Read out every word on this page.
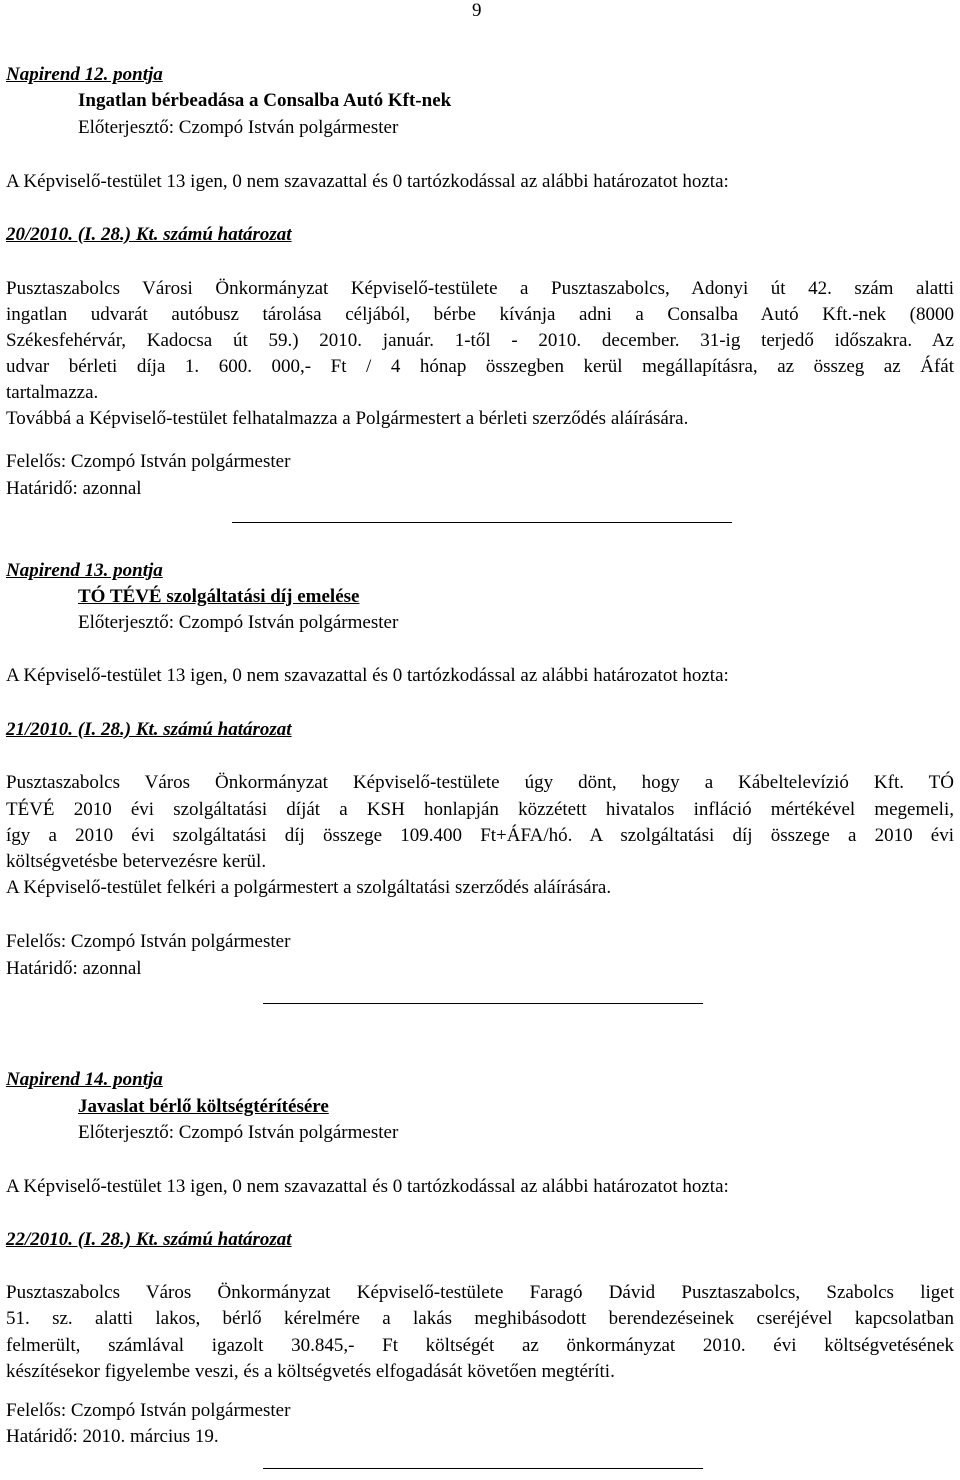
9
Napirend 12. pontja
Ingatlan bérbeadása a Consalba Autó Kft-nek
Előterjesztő: Czompó István polgármester
A Képviselő-testület 13 igen, 0 nem szavazattal és 0 tartózkodással az alábbi határozatot hozta:
20/2010. (I. 28.) Kt. számú határozat
Pusztaszabolcs Városi Önkormányzat Képviselő-testülete a Pusztaszabolcs, Adonyi út 42. szám alatti
ingatlan udvarát autóbusz tárolása céljából, bérbe kívánja adni a Consalba Autó Kft.-nek (8000
Székesfehérvár, Kadocsa út 59.) 2010. január. 1-től - 2010. december. 31-ig terjedő időszakra. Az
udvar bérleti díja 1. 600. 000,- Ft / 4 hónap összegben kerül megállapításra, az összeg az Áfát
tartalmazza.
Továbbá a Képviselő-testület felhatalmazza a Polgármestert a bérleti szerződés aláírására.
Felelős: Czompó István polgármester
Határidő: azonnal
Napirend 13. pontja
TÓ TÉVÉ szolgáltatási díj emelése
Előterjesztő: Czompó István polgármester
A Képviselő-testület 13 igen, 0 nem szavazattal és 0 tartózkodással az alábbi határozatot hozta:
21/2010. (I. 28.) Kt. számú határozat
Pusztaszabolcs Város Önkormányzat Képviselő-testülete úgy dönt, hogy a Kábeltelevízió Kft. TÓ
TÉVÉ 2010 évi szolgáltatási díját a KSH honlapján közzétett hivatalos infláció mértékével megemeli,
így a 2010 évi szolgáltatási díj összege 109.400 Ft+ÁFA/hó. A szolgáltatási díj összege a 2010 évi
költségvetésbe betervezésre kerül.
A Képviselő-testület felkéri a polgármestert a szolgáltatási szerződés aláírására.
Felelős: Czompó István polgármester
Határidő: azonnal
Napirend 14. pontja
Javaslat bérlő költségtérítésére
Előterjesztő: Czompó István polgármester
A Képviselő-testület 13 igen, 0 nem szavazattal és 0 tartózkodással az alábbi határozatot hozta:
22/2010. (I. 28.) Kt. számú határozat
Pusztaszabolcs Város Önkormányzat Képviselő-testülete Faragó Dávid Pusztaszabolcs, Szabolcs liget
51. sz. alatti lakos, bérlő kérelmére a lakás meghibásodott berendezéseinek cseréjével kapcsolatban
felmerült, számlával igazolt 30.845,- Ft költségét az önkormányzat 2010. évi költségvetésének
készítésekor figyelembe veszi, és a költségvetés elfogadását követően megtéríti.
Felelős: Czompó István polgármester
Határidő: 2010. március 19.
